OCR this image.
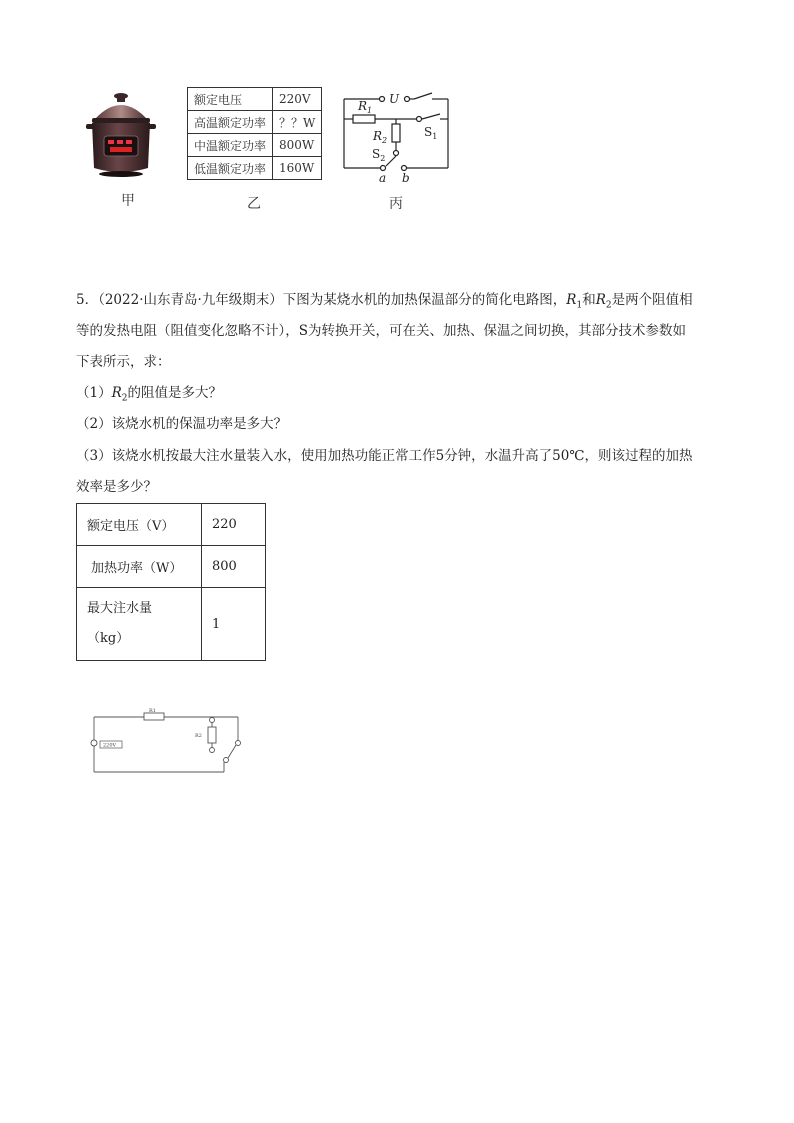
甲
额定电压	220V
高温额定功率	？？W
中温额定功率	800W
低温额定功率	160W
乙
$R_1$
U
$R_2$
$S_1$
$S_2$
a b
丙
5．（2022·山东青岛·九年级期末）下图为某烧水机的加热保温部分的简化电路图，$R_1$和$R_2$是两个阻值相
等的发热电阻（阻值变化忽略不计），S为转换开关，可在关、加热、保温之间切换，其部分技术参数如
下表所示，求：
$(1)R_2$的阻值是多大？
（2）该烧水机的保温功率是多大？
（3）该烧水机按最大注水量装入水，使用加热功能正常工作5分钟，水温升高了50℃，则该过程的加热
效率是多少？
额定电压（V）	220
加热功率（W）	800

最大注水量
（kg）	1
R1
R2
220V
